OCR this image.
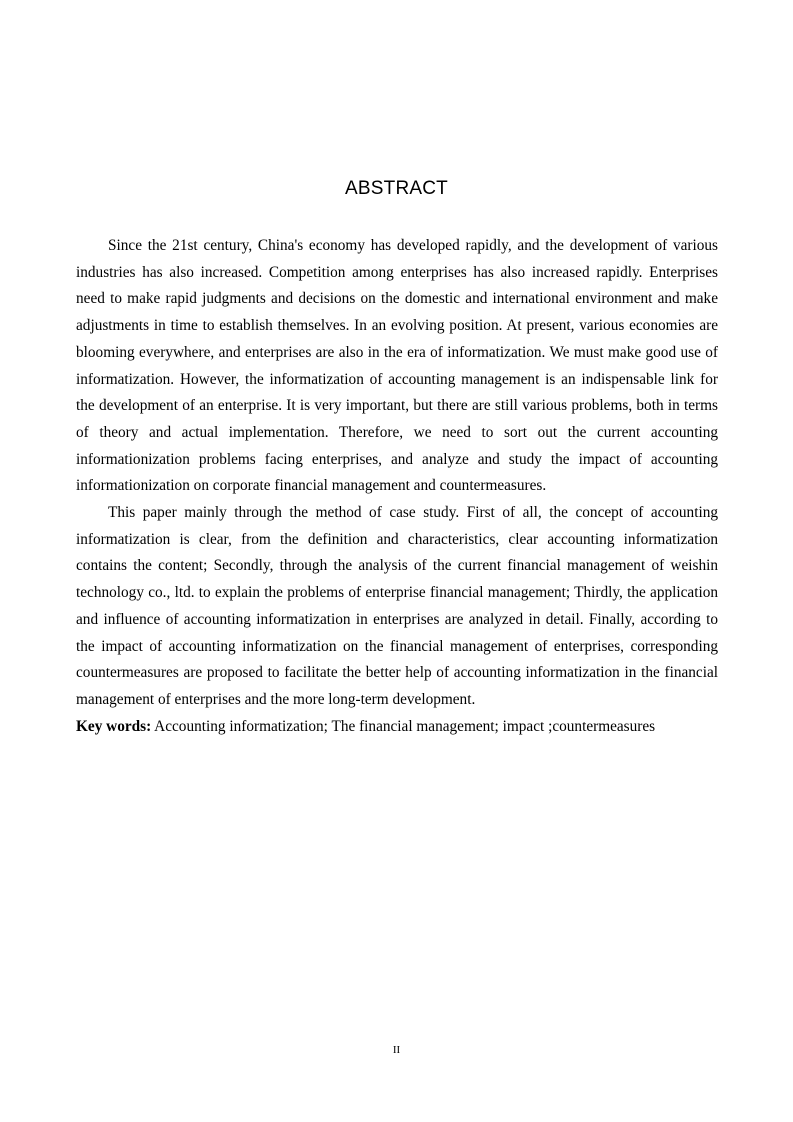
ABSTRACT

Since the 21st century, China's economy has developed rapidly, and the development of various industries has also increased. Competition among enterprises has also increased rapidly. Enterprises need to make rapid judgments and decisions on the domestic and international environment and make adjustments in time to establish themselves. In an evolving position. At present, various economies are blooming everywhere, and enterprises are also in the era of informatization. We must make good use of informatization. However, the informatization of accounting management is an indispensable link for the development of an enterprise. It is very important, but there are still various problems, both in terms of theory and actual implementation. Therefore, we need to sort out the current accounting informationization problems facing enterprises, and analyze and study the impact of accounting informationization on corporate financial management and countermeasures.

This paper mainly through the method of case study. First of all, the concept of accounting informatization is clear, from the definition and characteristics, clear accounting informatization contains the content; Secondly, through the analysis of the current financial management of weishin technology co., ltd. to explain the problems of enterprise financial management; Thirdly, the application and influence of accounting informatization in enterprises are analyzed in detail. Finally, according to the impact of accounting informatization on the financial management of enterprises, corresponding countermeasures are proposed to facilitate the better help of accounting informatization in the financial management of enterprises and the more long-term development.

Key words: Accounting informatization; The financial management; impact ;countermeasures

II
